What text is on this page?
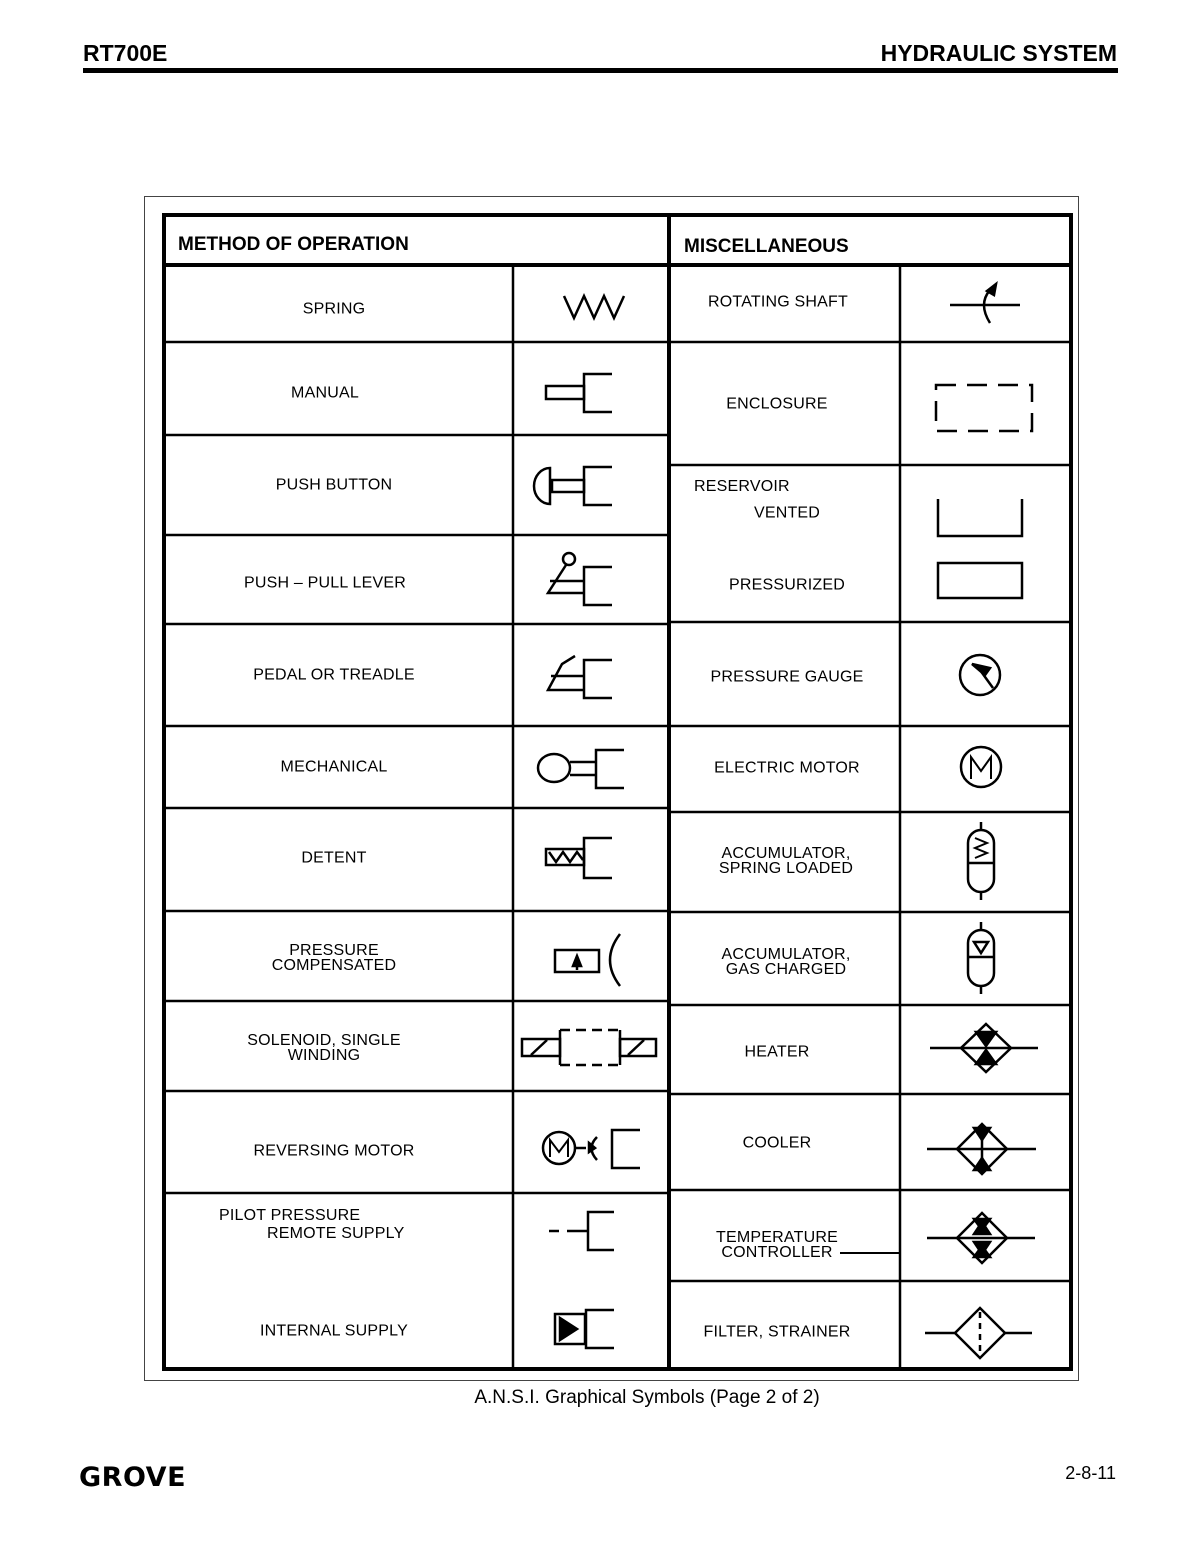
RT700E	HYDRAULIC SYSTEM
METHOD OF OPERATION	MISCELLANEOUS
SPRING
MANUAL
PUSH BUTTON
PUSH – PULL LEVER
PEDAL OR TREADLE
MECHANICAL
DETENT
PRESSURE
COMPENSATED
SOLENOID, SINGLE
WINDING
REVERSING MOTOR
PILOT PRESSURE
REMOTE SUPPLY
INTERNAL SUPPLY
ROTATING SHAFT
ENCLOSURE
RESERVOIR
VENTED
PRESSURIZED
PRESSURE GAUGE
ELECTRIC MOTOR
ACCUMULATOR,
SPRING LOADED
ACCUMULATOR,
GAS CHARGED
HEATER
COOLER
TEMPERATURE
CONTROLLER
FILTER, STRAINER
A.N.S.I. Graphical Symbols (Page 2 of 2)
GROVE	2-8-11
